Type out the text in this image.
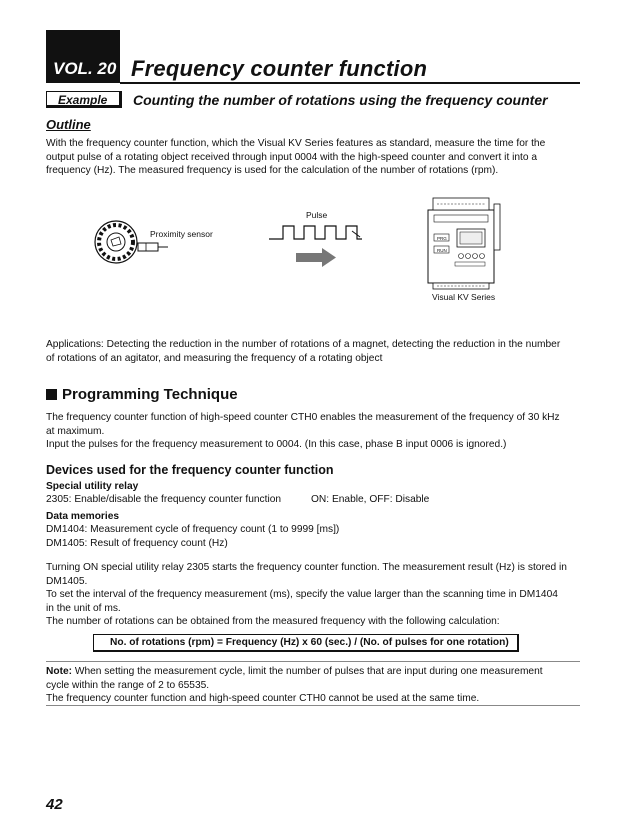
VOL. 20 Frequency counter function
Example Counting the number of rotations using the frequency counter
Outline
With the frequency counter function, which the Visual KV Series features as standard, measure the time for the
output pulse of a rotating object received through input 0004 with the high-speed counter and convert it into a
frequency (Hz). The measured frequency is used for the calculation of the number of rotations (rpm).
PRG
RUN
Proximity sensor
Pulse
Visual KV Series
Applications: Detecting the reduction in the number of rotations of a magnet, detecting the reduction in the number
of rotations of an agitator, and measuring the frequency of a rotating object
Programming Technique
The frequency counter function of high-speed counter CTH0 enables the measurement of the frequency of 30 kHz
at maximum.
Input the pulses for the frequency measurement to 0004. (In this case, phase B input 0006 is ignored.)
Devices used for the frequency counter function
Special utility relay
2305: Enable/disable the frequency counter function	ON: Enable, OFF: Disable
Data memories
DM1404: Measurement cycle of frequency count (1 to 9999 [ms])
DM1405: Result of frequency count (Hz)
Turning ON special utility relay 2305 starts the frequency counter function. The measurement result (Hz) is stored in
DM1405.
To set the interval of the frequency measurement (ms), specify the value larger than the scanning time in DM1404
in the unit of ms.
The number of rotations can be obtained from the measured frequency with the following calculation:
No. of rotations (rpm) = Frequency (Hz) x 60 (sec.) / (No. of pulses for one rotation)
Note: When setting the measurement cycle, limit the number of pulses that are input during one measurement
cycle within the range of 2 to 65535.
The frequency counter function and high-speed counter CTH0 cannot be used at the same time.
42
